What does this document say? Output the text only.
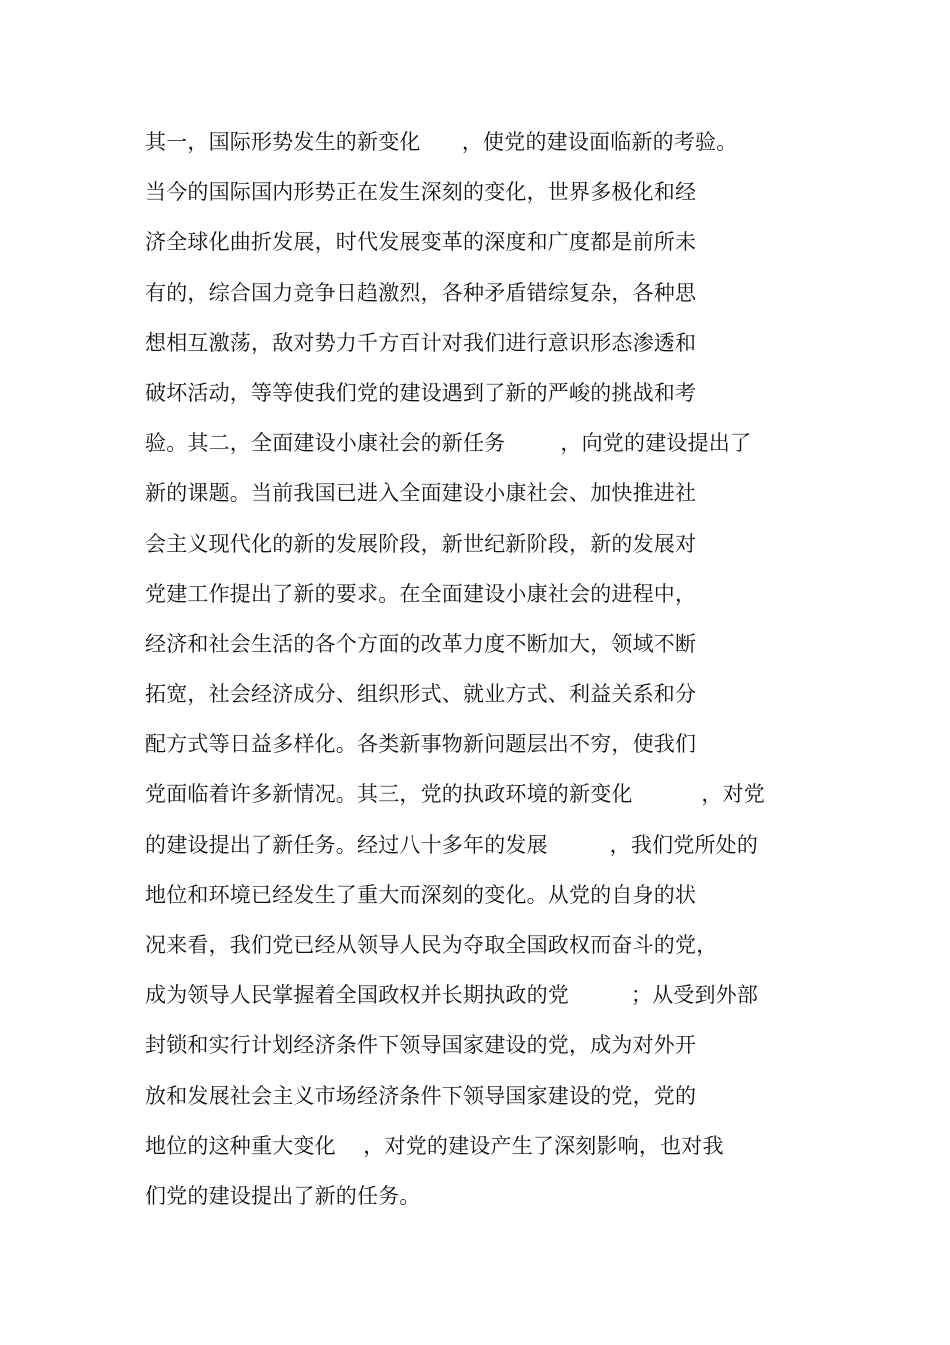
其一，国际形势发生的新变化      ，使党的建设面临新的考验。
当今的国际国内形势正在发生深刻的变化，世界多极化和经
济全球化曲折发展，时代发展变革的深度和广度都是前所未
有的，综合国力竞争日趋激烈，各种矛盾错综复杂，各种思
想相互激荡，敌对势力千方百计对我们进行意识形态渗透和
破坏活动，等等使我们党的建设遇到了新的严峻的挑战和考
验。其二，全面建设小康社会的新任务        ，向党的建设提出了
新的课题。当前我国已进入全面建设小康社会、加快推进社
会主义现代化的新的发展阶段，新世纪新阶段，新的发展对
党建工作提出了新的要求。在全面建设小康社会的进程中，
经济和社会生活的各个方面的改革力度不断加大，领域不断
拓宽，社会经济成分、组织形式、就业方式、利益关系和分
配方式等日益多样化。各类新事物新问题层出不穷，使我们
党面临着许多新情况。其三，党的执政环境的新变化          ，对党
的建设提出了新任务。经过八十多年的发展         ，我们党所处的
地位和环境已经发生了重大而深刻的变化。从党的自身的状
况来看，我们党已经从领导人民为夺取全国政权而奋斗的党，
成为领导人民掌握着全国政权并长期执政的党         ；从受到外部
封锁和实行计划经济条件下领导国家建设的党，成为对外开
放和发展社会主义市场经济条件下领导国家建设的党，党的
地位的这种重大变化    ，对党的建设产生了深刻影响，也对我
们党的建设提出了新的任务。
